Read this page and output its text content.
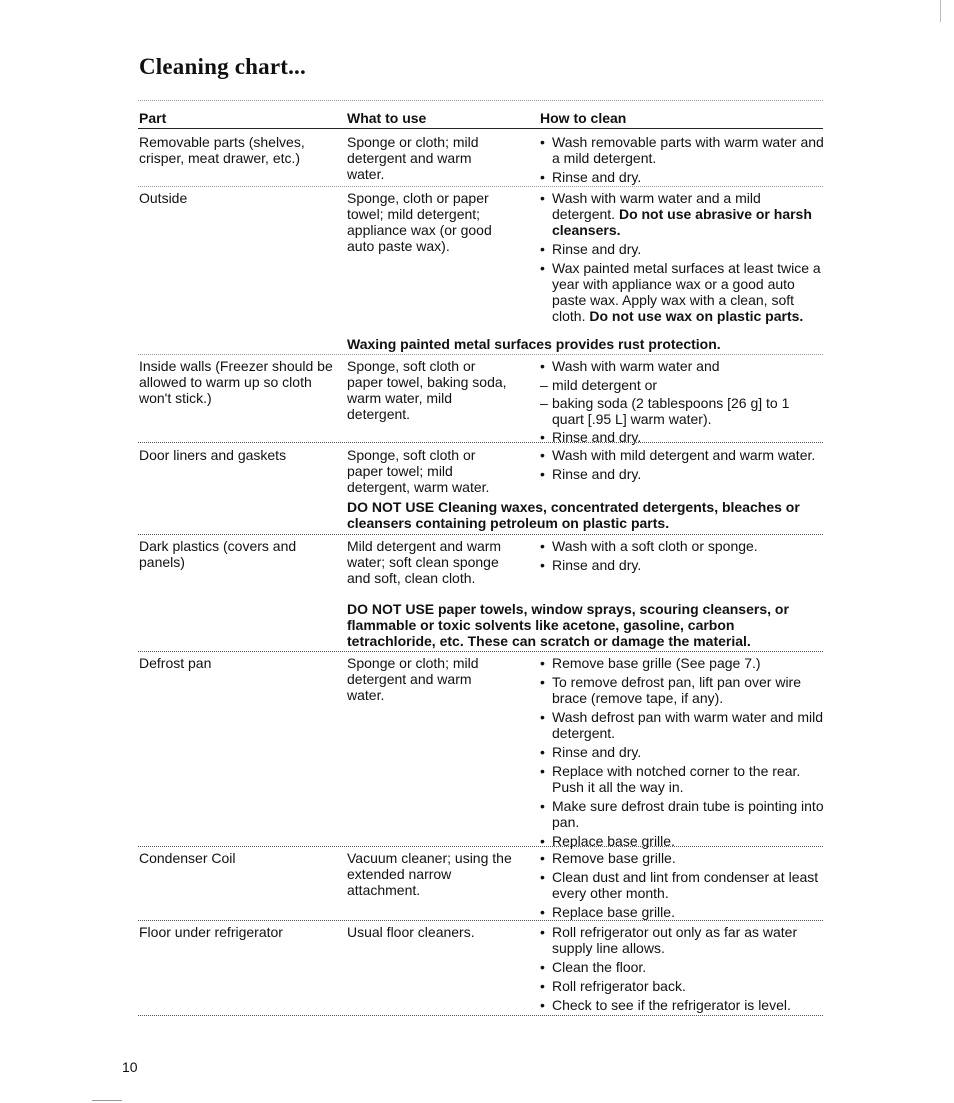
Cleaning chart...
Part	What to use	How to clean
Removable parts (shelves, crisper, meat drawer, etc.)
Sponge or cloth; mild detergent and warm water.
• Wash removable parts with warm water and a mild detergent.
• Rinse and dry.
Outside	Sponge, cloth or paper towel; mild detergent; appliance wax (or good auto paste wax).
• Wash with warm water and a mild detergent. Do not use abrasive or harsh cleansers.
• Rinse and dry.
• Wax painted metal surfaces at least twice a year with appliance wax or a good auto paste wax. Apply wax with a clean, soft cloth. Do not use wax on plastic parts.
Waxing painted metal surfaces provides rust protection.
Inside walls (Freezer should be allowed to warm up so cloth won't stick.)
Sponge, soft cloth or paper towel, baking soda, warm water, mild detergent.
• Wash with warm water and
– mild detergent or
– baking soda (2 tablespoons [26 g] to 1 quart [.95 L] warm water).
• Rinse and dry.
Door liners and gaskets	Sponge, soft cloth or paper towel; mild detergent, warm water.
• Wash with mild detergent and warm water.
• Rinse and dry.
DO NOT USE Cleaning waxes, concentrated detergents, bleaches or cleansers containing petroleum on plastic parts.
Dark plastics (covers and panels)
Mild detergent and warm water; soft clean sponge and soft, clean cloth.
• Wash with a soft cloth or sponge.
• Rinse and dry.
DO NOT USE paper towels, window sprays, scouring cleansers, or flammable or toxic solvents like acetone, gasoline, carbon tetrachloride, etc. These can scratch or damage the material.
Defrost pan	Sponge or cloth; mild detergent and warm water.
• Remove base grille (See page 7.)
• To remove defrost pan, lift pan over wire brace (remove tape, if any).
• Wash defrost pan with warm water and mild detergent.
• Rinse and dry.
• Replace with notched corner to the rear. Push it all the way in.
• Make sure defrost drain tube is pointing into pan.
• Replace base grille.
Condenser Coil	Vacuum cleaner; using the extended narrow attachment.
• Remove base grille.
• Clean dust and lint from condenser at least every other month.
• Replace base grille.
Floor under refrigerator	Usual floor cleaners.
•	Roll refrigerator out only as far as water supply line allows.
• Clean the floor.
• Roll refrigerator back.
• Check to see if the refrigerator is level.
10
